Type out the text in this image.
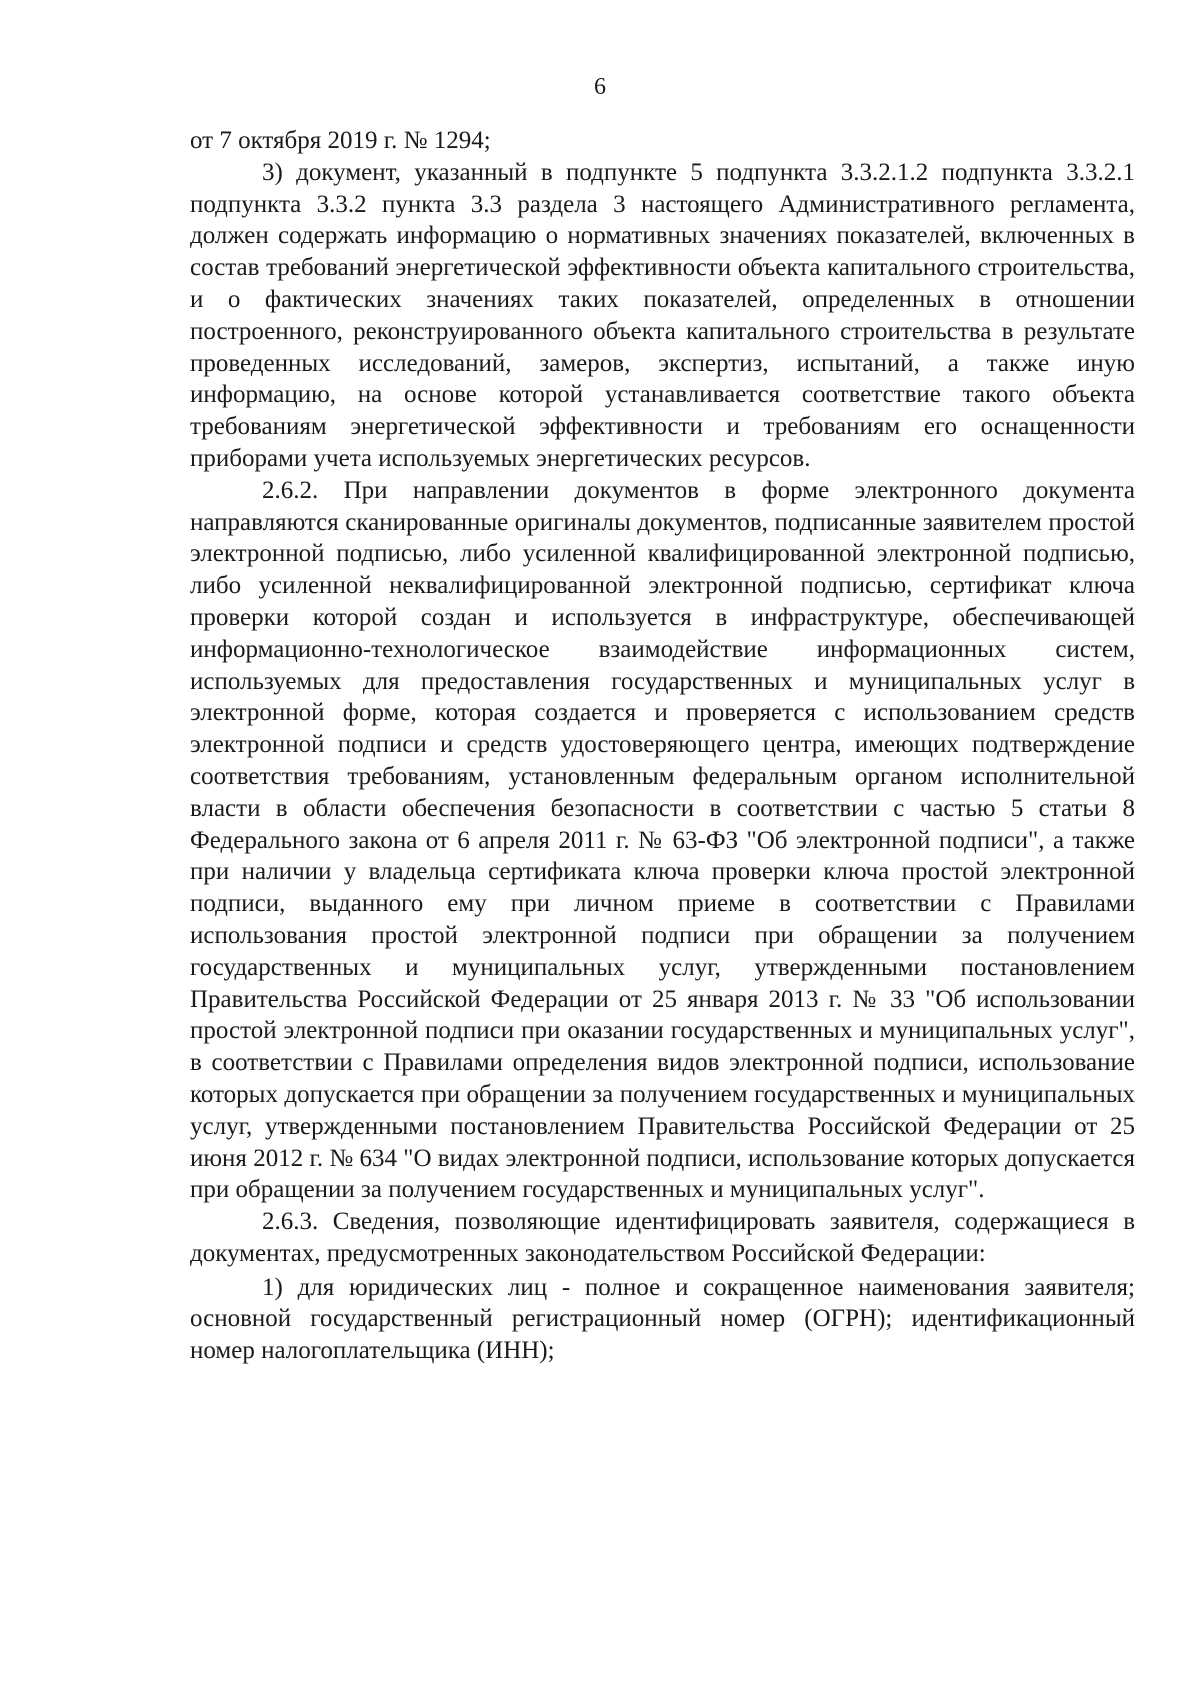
6

от 7 октября 2019 г. № 1294;

3) документ, указанный в подпункте 5 подпункта 3.3.2.1.2 подпункта 3.3.2.1 подпункта 3.3.2 пункта 3.3 раздела 3 настоящего Административного регламента, должен содержать информацию о нормативных значениях показателей, включенных в состав требований энергетической эффективности объекта капитального строительства, и о фактических значениях таких показателей, определенных в отношении построенного, реконструированного объекта капитального строительства в результате проведенных исследований, замеров, экспертиз, испытаний, а также иную информацию, на основе которой устанавливается соответствие такого объекта требованиям энергетической эффективности и требованиям его оснащенности приборами учета используемых энергетических ресурсов.

2.6.2. При направлении документов в форме электронного документа направляются сканированные оригиналы документов, подписанные заявителем простой электронной подписью, либо усиленной квалифицированной электронной подписью, либо усиленной неквалифицированной электронной подписью, сертификат ключа проверки которой создан и используется в инфраструктуре, обеспечивающей информационно-технологическое взаимодействие информационных систем, используемых для предоставления государственных и муниципальных услуг в электронной форме, которая создается и проверяется с использованием средств электронной подписи и средств удостоверяющего центра, имеющих подтверждение соответствия требованиям, установленным федеральным органом исполнительной власти в области обеспечения безопасности в соответствии с частью 5 статьи 8 Федерального закона от 6 апреля 2011 г. № 63-ФЗ "Об электронной подписи", а также при наличии у владельца сертификата ключа проверки ключа простой электронной подписи, выданного ему при личном приеме в соответствии с Правилами использования простой электронной подписи при обращении за получением государственных и муниципальных услуг, утвержденными постановлением Правительства Российской Федерации от 25 января 2013 г. № 33 "Об использовании простой электронной подписи при оказании государственных и муниципальных услуг", в соответствии с Правилами определения видов электронной подписи, использование которых допускается при обращении за получением государственных и муниципальных услуг, утвержденными постановлением Правительства Российской Федерации от 25 июня 2012 г. № 634 "О видах электронной подписи, использование которых допускается при обращении за получением государственных и муниципальных услуг".

2.6.3. Сведения, позволяющие идентифицировать заявителя, содержащиеся в документах, предусмотренных законодательством Российской Федерации:

1) для юридических лиц - полное и сокращенное наименования заявителя; основной государственный регистрационный номер (ОГРН); идентификационный номер налогоплательщика (ИНН);
